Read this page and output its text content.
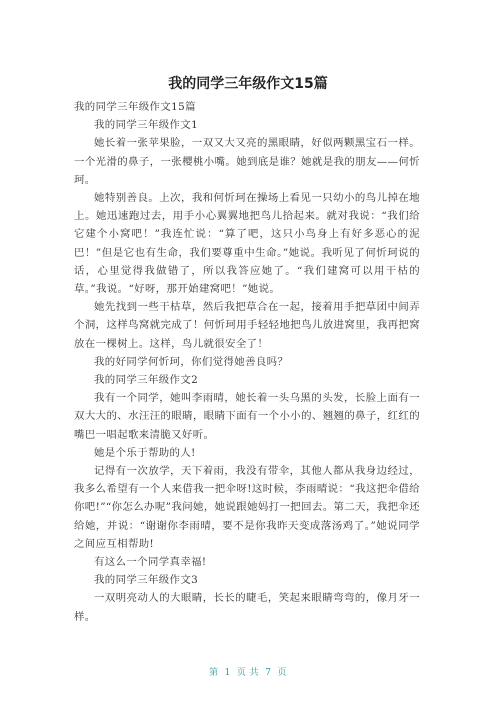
我的同学三年级作文15篇

我的同学三年级作文15篇

我的同学三年级作文1

她长着一张苹果脸，一双又大又亮的黑眼睛，好似两颗黑宝石一样。一个光滑的鼻子，一张樱桃小嘴。她到底是谁？她就是我的朋友——何忻珂。

她特别善良。上次，我和何忻珂在操场上看见一只幼小的鸟儿掉在地上。她迅速跑过去，用手小心翼翼地把鸟儿拾起来。就对我说：“我们给它建个小窝吧！”我连忙说：“算了吧，这只小鸟身上有好多恶心的泥巴！”但是它也有生命，我们要尊重中生命。”她说。我听见了何忻珂说的话，心里觉得我做错了，所以我答应她了。“我们建窝可以用干枯的草。”我说。“好呀，那开始建窝吧！”她说。

她先找到一些干枯草，然后我把草合在一起，接着用手把草团中间弄个洞，这样鸟窝就完成了！何忻珂用手轻轻地把鸟儿放进窝里，我再把窝放在一棵树上。这样，鸟儿就很安全了！

我的好同学何忻珂，你们觉得她善良吗？

我的同学三年级作文2

我有一个同学，她叫李雨晴，她长着一头乌黑的头发，长脸上面有一双大大的、水汪汪的眼睛，眼睛下面有一个小小的、翘翘的鼻子，红红的嘴巴一唱起歌来清脆又好听。

她是个乐于帮助的人!

记得有一次放学，天下着雨，我没有带伞，其他人都从我身边经过，我多么希望有一个人来借我一把伞呀!这时候，李雨晴说：“我这把伞借给你吧!”“你怎么办呢”我问她，她说跟她妈打一把回去。第二天，我把伞还给她，并说：“谢谢你李雨晴，要不是你我昨天变成落汤鸡了。”她说同学之间应互相帮助!

有这么一个同学真幸福!

我的同学三年级作文3

一双明亮动人的大眼睛，长长的睫毛，笑起来眼睛弯弯的，像月牙一样。

第 1 页 共 7 页
